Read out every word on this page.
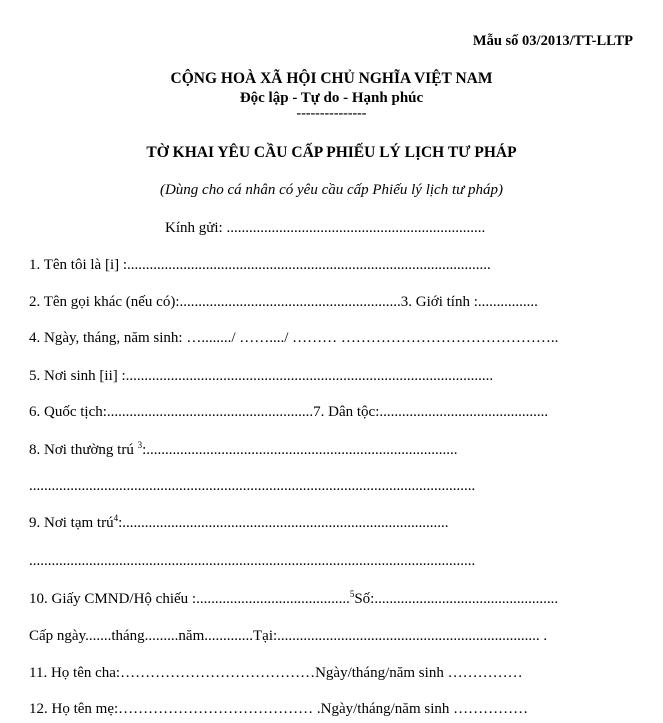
Mẫu số 03/2013/TT-LLTP
CỘNG HOÀ XÃ HỘI CHỦ NGHĨA VIỆT NAM
Độc lập - Tự do - Hạnh phúc
---------------
TỜ KHAI YÊU CẦU CẤP PHIẾU LÝ LỊCH TƯ PHÁP
(Dùng cho cá nhân có yêu cầu cấp Phiếu lý lịch tư pháp)
Kính gửi: .....................................................................
1. Tên tôi là [i] :.................................................................................................
2. Tên gọi khác (nếu có):...........................................................3. Giới tính :................
4. Ngày, tháng, năm sinh: …......../ ……..../ ……… ……………………………………..
5. Nơi sinh [ii] :..................................................................................................
6. Quốc tịch:.......................................................7. Dân tộc:.............................................
8. Nơi thường trú $^3$:...................................................................................
.......................................................................................................................
9. Nơi tạm trú$^4$:.......................................................................................
.......................................................................................................................
10. Giấy CMND/Hộ chiếu :.........................................$^5$Số:.................................................
Cấp ngày.......tháng.........năm.............Tại:...................................................................... .
11. Họ tên cha:…………………………………Ngày/tháng/năm sinh ……………
12. Họ tên mẹ:………………………………… .Ngày/tháng/năm sinh ……………
